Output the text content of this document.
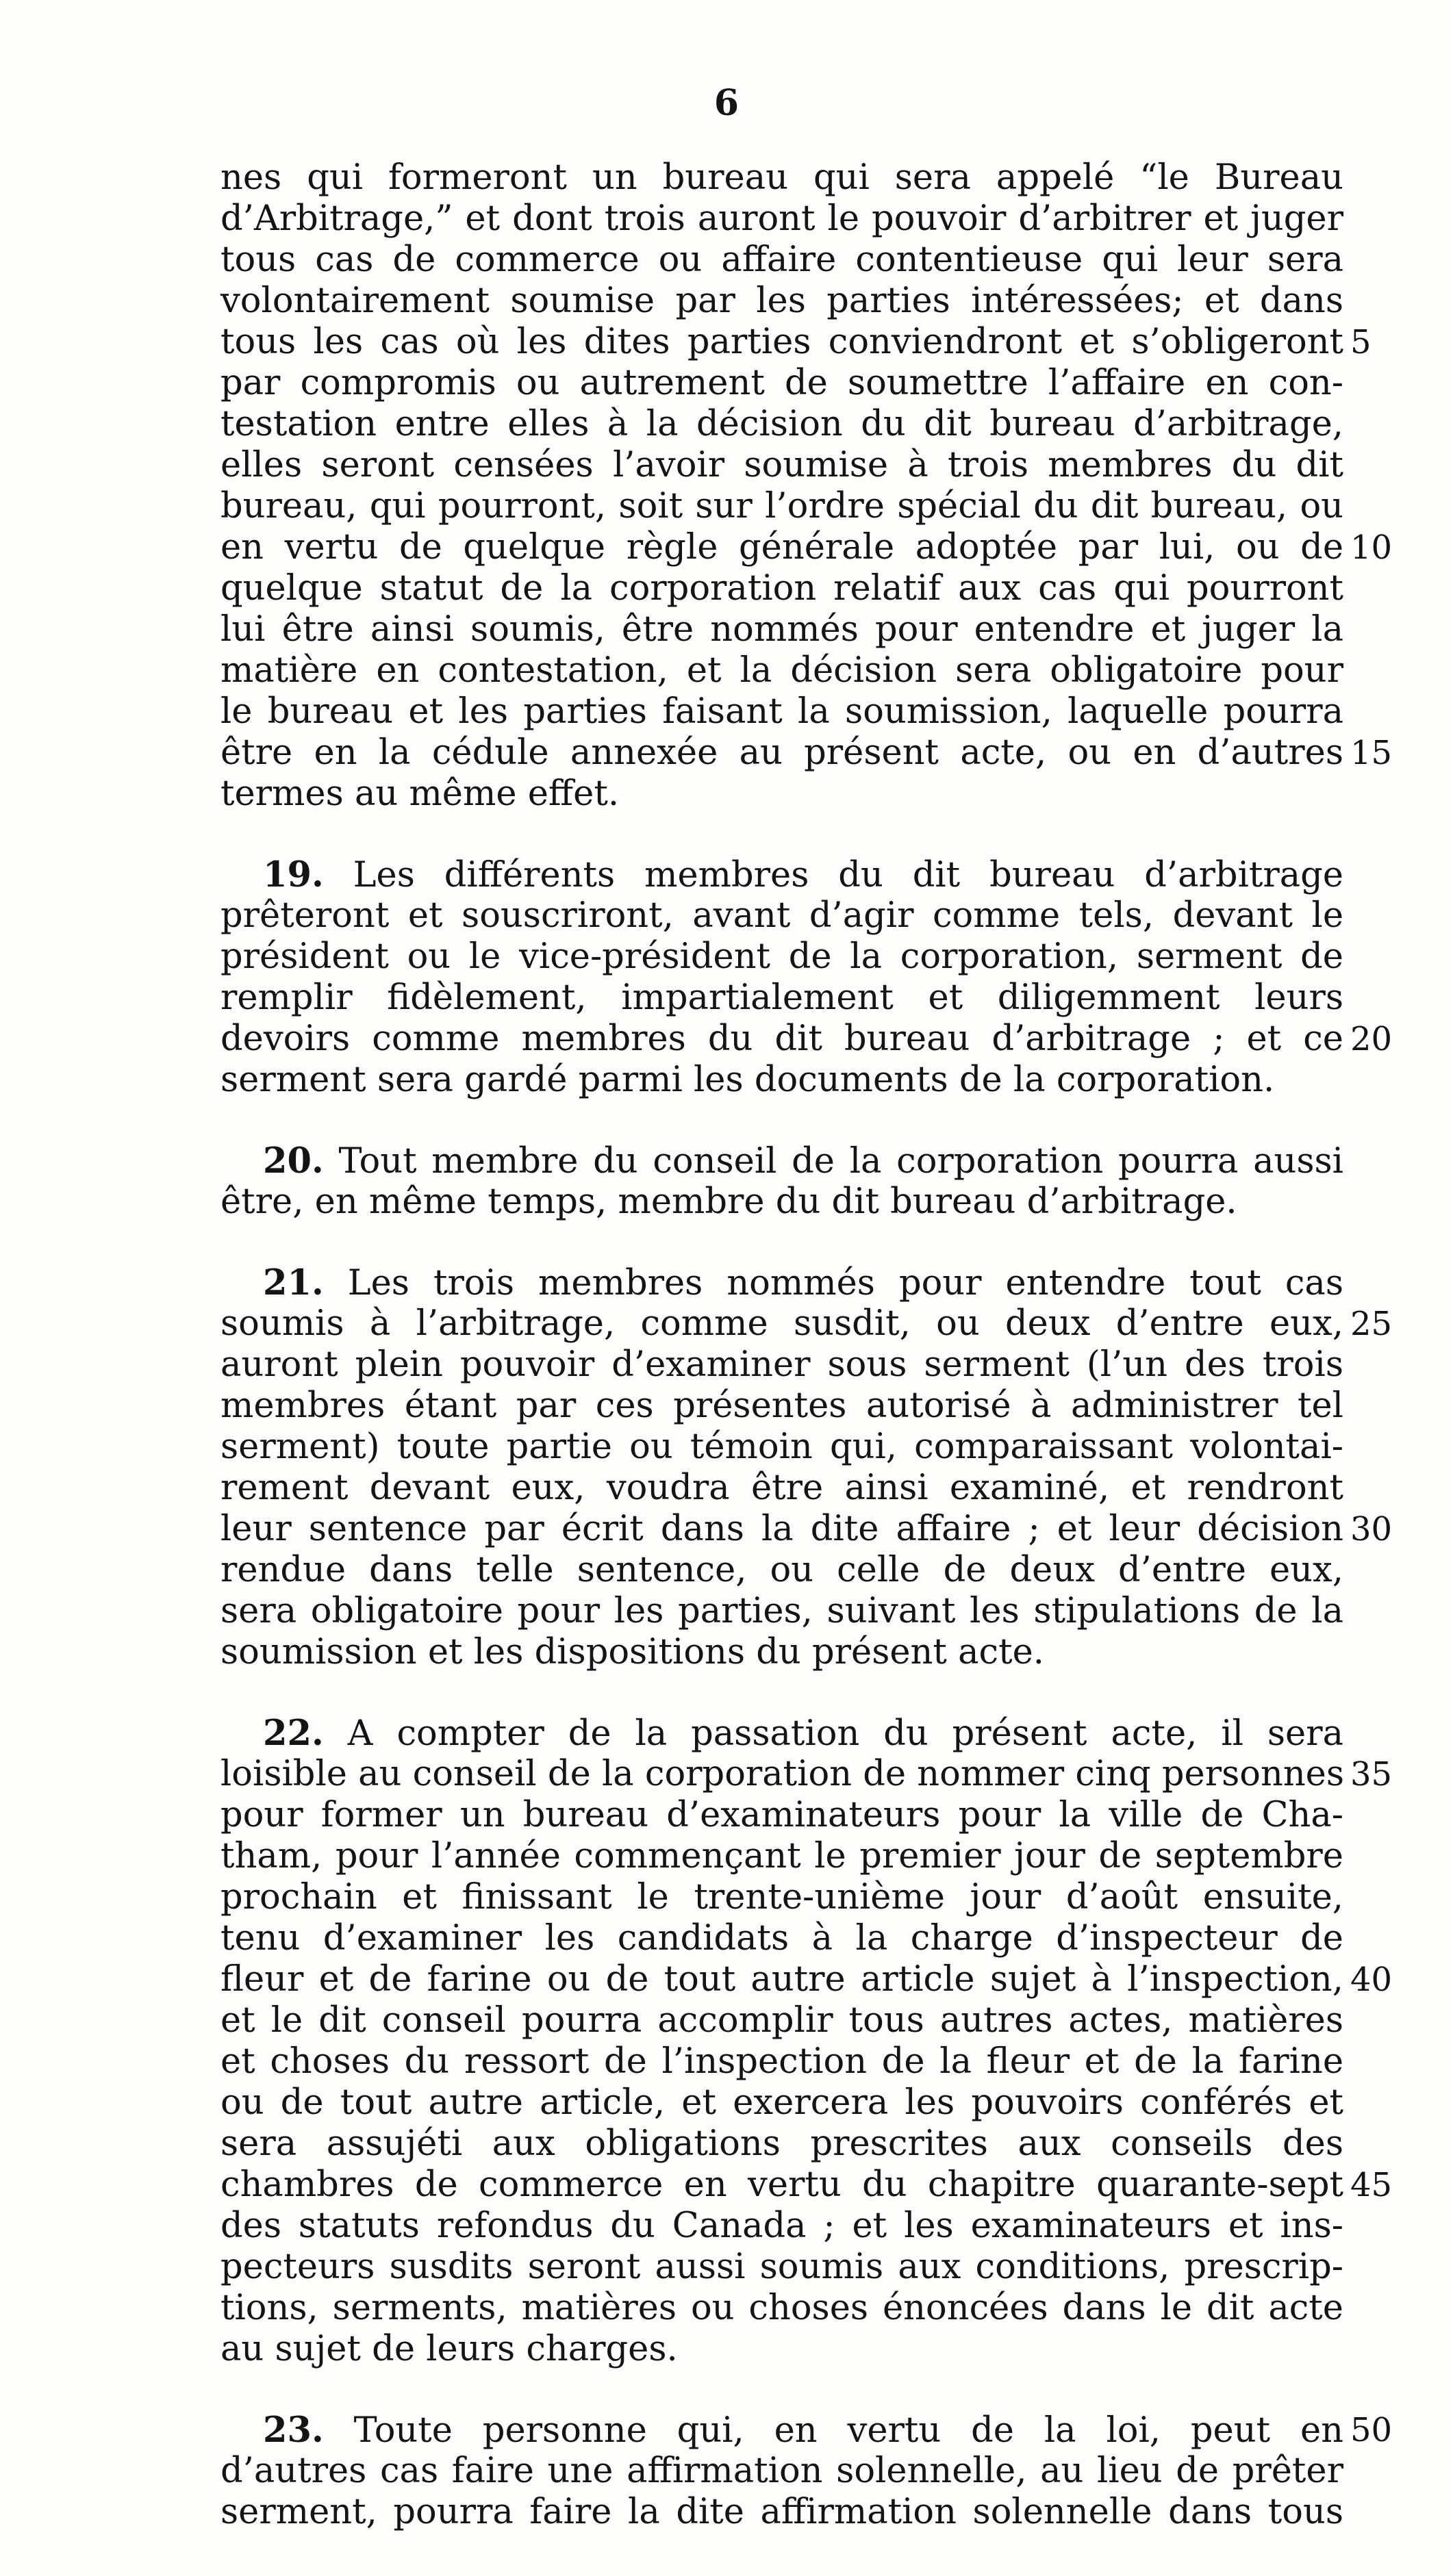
6
nes qui formeront un bureau qui sera appelé “le Bureau
d’Arbitrage,” et dont trois auront le pouvoir d’arbitrer et juger
tous cas de commerce ou affaire contentieuse qui leur sera
volontairement soumise par les parties intéressées; et dans
tous les cas où les dites parties conviendront et s’obligeront 5
par compromis ou autrement de soumettre l’affaire en con-
testation entre elles à la décision du dit bureau d’arbitrage,
elles seront censées l’avoir soumise à trois membres du dit
bureau, qui pourront, soit sur l’ordre spécial du dit bureau, ou
en vertu de quelque règle générale adoptée par lui, ou de 10
quelque statut de la corporation relatif aux cas qui pourront
lui être ainsi soumis, être nommés pour entendre et juger la
matière en contestation, et la décision sera obligatoire pour
le bureau et les parties faisant la soumission, laquelle pourra
être en la cédule annexée au présent acte, ou en d’autres 15
termes au même effet.
19. Les différents membres du dit bureau d’arbitrage
prêteront et souscriront, avant d’agir comme tels, devant le
président ou le vice-président de la corporation, serment de
remplir fidèlement, impartialement et diligemment leurs
devoirs comme membres du dit bureau d’arbitrage ; et ce 20
serment sera gardé parmi les documents de la corporation.
20. Tout membre du conseil de la corporation pourra aussi
être, en même temps, membre du dit bureau d’arbitrage.
21. Les trois membres nommés pour entendre tout cas
soumis à l’arbitrage, comme susdit, ou deux d’entre eux, 25
auront plein pouvoir d’examiner sous serment (l’un des trois
membres étant par ces présentes autorisé à administrer tel
serment) toute partie ou témoin qui, comparaissant volontai-
rement devant eux, voudra être ainsi examiné, et rendront
leur sentence par écrit dans la dite affaire ; et leur décision 30
rendue dans telle sentence, ou celle de deux d’entre eux,
sera obligatoire pour les parties, suivant les stipulations de la
soumission et les dispositions du présent acte.
22. A compter de la passation du présent acte, il sera
loisible au conseil de la corporation de nommer cinq personnes 35
pour former un bureau d’examinateurs pour la ville de Cha-
tham, pour l’année commençant le premier jour de septembre
prochain et finissant le trente-unième jour d’août ensuite,
tenu d’examiner les candidats à la charge d’inspecteur de
fleur et de farine ou de tout autre article sujet à l’inspection, 40
et le dit conseil pourra accomplir tous autres actes, matières
et choses du ressort de l’inspection de la fleur et de la farine
ou de tout autre article, et exercera les pouvoirs conférés et
sera assujéti aux obligations prescrites aux conseils des
chambres de commerce en vertu du chapitre quarante-sept 45
des statuts refondus du Canada ; et les examinateurs et ins-
pecteurs susdits seront aussi soumis aux conditions, prescrip-
tions, serments, matières ou choses énoncées dans le dit acte
au sujet de leurs charges.
23. Toute personne qui, en vertu de la loi, peut en 50
d’autres cas faire une affirmation solennelle, au lieu de prêter
serment, pourra faire la dite affirmation solennelle dans tous
